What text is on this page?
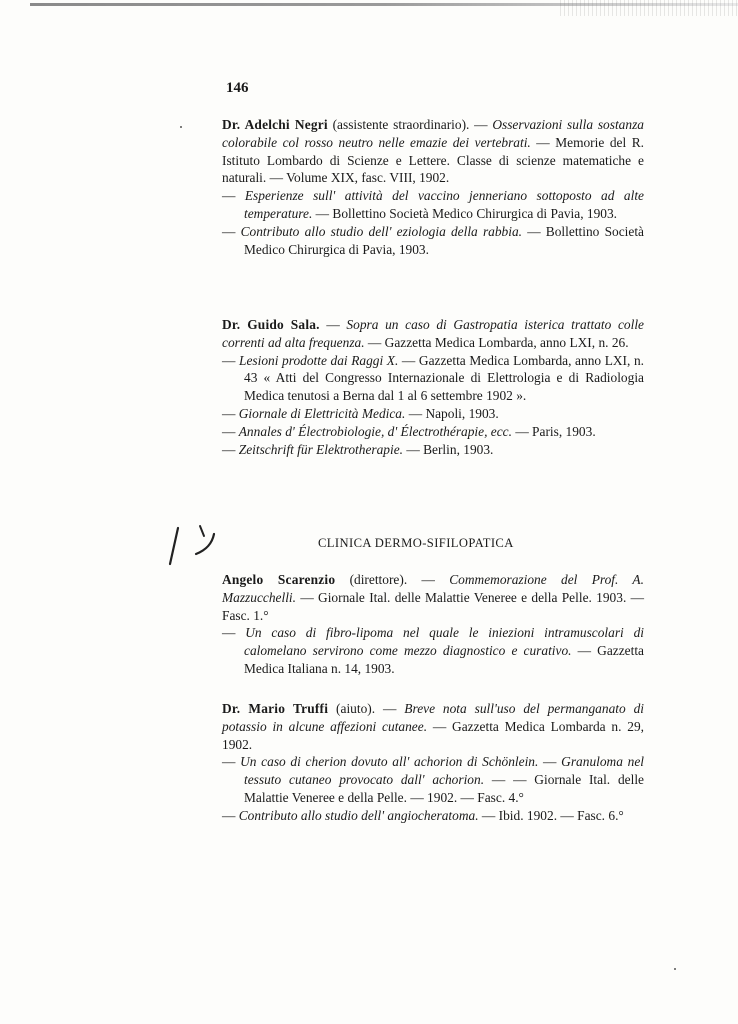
146

Dr. Adelchi Negri (assistente straordinario). — Osservazioni sulla sostanza colorabile col rosso neutro nelle emazie dei vertebrati. — Memorie del R. Istituto Lombardo di Scienze e Lettere. Classe di scienze matematiche e naturali. — Volume XIX, fasc. VIII, 1902.

— Esperienze sull' attività del vaccino jenneriano sottoposto ad alte temperature. — Bollettino Società Medico Chirurgica di Pavia, 1903.

— Contributo allo studio dell' eziologia della rabbia. — Bollettino Società Medico Chirurgica di Pavia, 1903.

Dr. Guido Sala. — Sopra un caso di Gastropatia isterica trattato colle correnti ad alta frequenza. — Gazzetta Medica Lombarda, anno LXI, n. 26.

— Lesioni prodotte dai Raggi X. — Gazzetta Medica Lombarda, anno LXI, n. 43 « Atti del Congresso Internazionale di Elettrologia e di Radiologia Medica tenutosi a Berna dal 1 al 6 settembre 1902 ».

— Giornale di Elettricità Medica. — Napoli, 1903.

— Annales d' Électrobiologie, d' Électrothérapie, ecc. — Paris, 1903.

— Zeitschrift für Elektrotherapie. — Berlin, 1903.

CLINICA DERMO-SIFILOPATICA

Angelo Scarenzio (direttore). — Commemorazione del Prof. A. Mazzucchelli. — Giornale Ital. delle Malattie Veneree e della Pelle. 1903. — Fasc. 1.°

— Un caso di fibro-lipoma nel quale le iniezioni intramuscolari di calomelano servirono come mezzo diagnostico e curativo. — Gazzetta Medica Italiana n. 14, 1903.

Dr. Mario Truffi (aiuto). — Breve nota sull'uso del permanganato di potassio in alcune affezioni cutanee. — Gazzetta Medica Lombarda n. 29, 1902.

— Un caso di cherion dovuto all' achorion di Schönlein. — Granuloma nel tessuto cutaneo provocato dall' achorion. — — Giornale Ital. delle Malattie Veneree e della Pelle. — 1902. — Fasc. 4.°

— Contributo allo studio dell' angiocheratoma. — Ibid. 1902. — Fasc. 6.°
